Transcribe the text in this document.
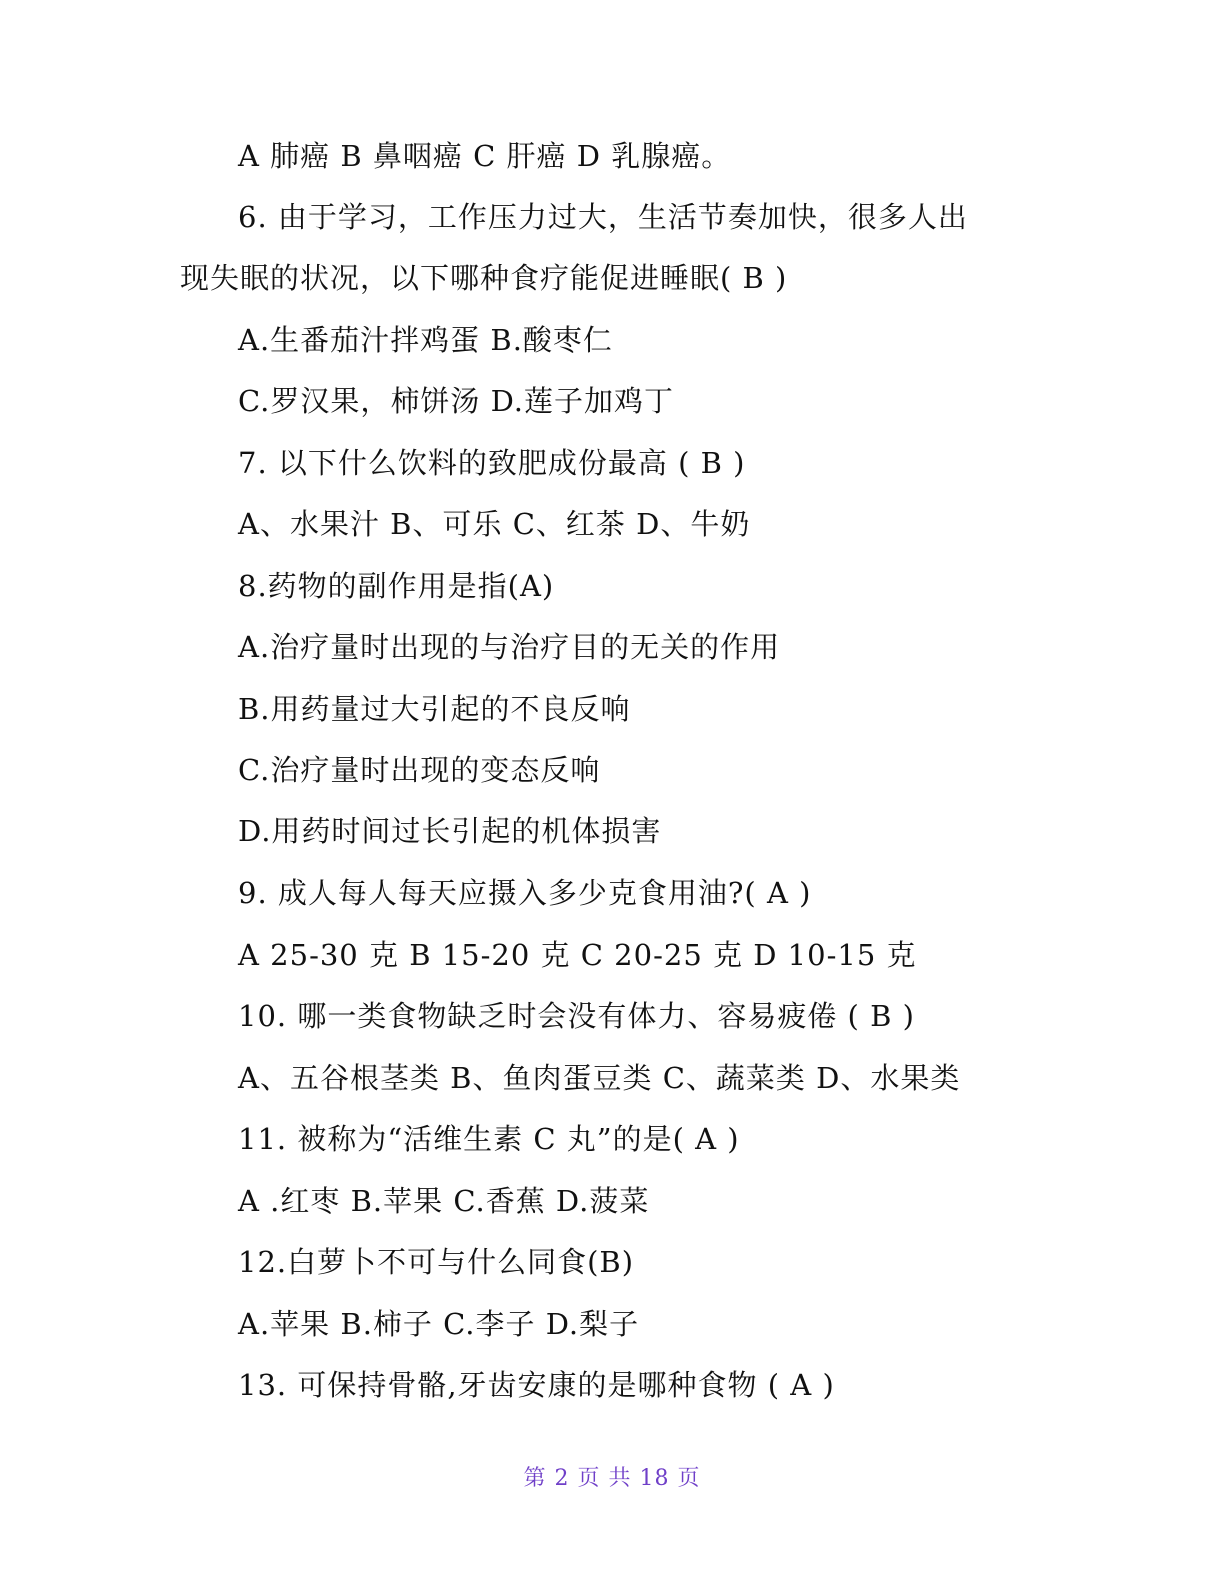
A 肺癌 B 鼻咽癌 C 肝癌 D 乳腺癌。
6. 由于学习，工作压力过大，生活节奏加快，很多人出
现失眠的状况，以下哪种食疗能促进睡眠( B )
A.生番茄汁拌鸡蛋 B.酸枣仁
C.罗汉果，柿饼汤 D.莲子加鸡丁
7. 以下什么饮料的致肥成份最高 ( B )
A、水果汁 B、可乐 C、红茶 D、牛奶
8.药物的副作用是指(A)
A.治疗量时出现的与治疗目的无关的作用
B.用药量过大引起的不良反响
C.治疗量时出现的变态反响
D.用药时间过长引起的机体损害
9. 成人每人每天应摄入多少克食用油?( A )
A 25-30 克 B 15-20 克 C 20-25 克 D 10-15 克
10. 哪一类食物缺乏时会没有体力、容易疲倦 ( B )
A、五谷根茎类 B、鱼肉蛋豆类 C、蔬菜类 D、水果类
11. 被称为“活维生素 C 丸”的是( A )
A .红枣 B.苹果 C.香蕉 D.菠菜
12.白萝卜不可与什么同食(B)
A.苹果 B.柿子 C.李子 D.梨子
13. 可保持骨骼,牙齿安康的是哪种食物 ( A )
第 2 页 共 18 页
